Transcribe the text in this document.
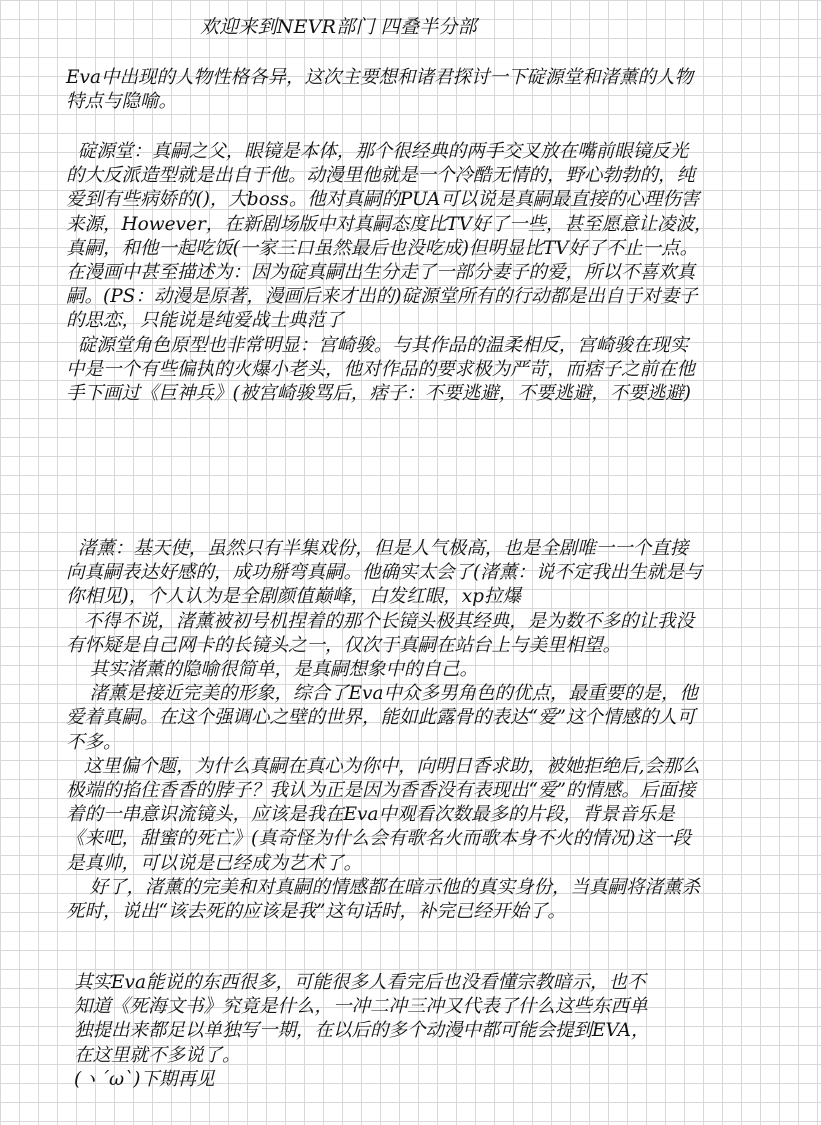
欢迎来到NEVR部门 四叠半分部
Eva中出现的人物性格各异，这次主要想和诸君探讨一下碇源堂和渚薰的人物
特点与隐喻。
碇源堂：真嗣之父，眼镜是本体，那个很经典的两手交叉放在嘴前眼镜反光
的大反派造型就是出自于他。动漫里他就是一个冷酷无情的，野心勃勃的，纯
爱到有些病娇的()，大boss。他对真嗣的PUA可以说是真嗣最直接的心理伤害
来源，However，在新剧场版中对真嗣态度比TV好了一些，甚至愿意让凌波，
真嗣，和他一起吃饭(一家三口虽然最后也没吃成)但明显比TV好了不止一点。
在漫画中甚至描述为：因为碇真嗣出生分走了一部分妻子的爱，所以不喜欢真
嗣。(PS：动漫是原著，漫画后来才出的)碇源堂所有的行动都是出自于对妻子
的思恋，只能说是纯爱战士典范了
碇源堂角色原型也非常明显：宫崎骏。与其作品的温柔相反，宫崎骏在现实
中是一个有些偏执的火爆小老头，他对作品的要求极为严苛，而痞子之前在他
手下画过《巨神兵》(被宫崎骏骂后，痞子：不要逃避，不要逃避，不要逃避)
渚薰：基天使，虽然只有半集戏份，但是人气极高，也是全剧唯一一个直接
向真嗣表达好感的，成功掰弯真嗣。他确实太会了(渚薰：说不定我出生就是与
你相见)，个人认为是全剧颜值巅峰，白发红眼，xp拉爆
不得不说，渚薰被初号机捏着的那个长镜头极其经典，是为数不多的让我没
有怀疑是自己网卡的长镜头之一，仅次于真嗣在站台上与美里相望。
其实渚薰的隐喻很简单，是真嗣想象中的自己。
渚薰是接近完美的形象，综合了Eva中众多男角色的优点，最重要的是，他
爱着真嗣。在这个强调心之壁的世界，能如此露骨的表达“爱”这个情感的人可
不多。
这里偏个题，为什么真嗣在真心为你中，向明日香求助，被她拒绝后,会那么
极端的掐住香香的脖子？我认为正是因为香香没有表现出“爱”的情感。后面接
着的一串意识流镜头，应该是我在Eva中观看次数最多的片段，背景音乐是
《来吧，甜蜜的死亡》(真奇怪为什么会有歌名火而歌本身不火的情况)这一段
是真帅，可以说是已经成为艺术了。
好了，渚薰的完美和对真嗣的情感都在暗示他的真实身份，当真嗣将渚薰杀
死时，说出“该去死的应该是我”这句话时，补完已经开始了。
其实Eva能说的东西很多，可能很多人看完后也没看懂宗教暗示，也不
知道《死海文书》究竟是什么，一冲二冲三冲又代表了什么这些东西单
独提出来都足以单独写一期，在以后的多个动漫中都可能会提到EVA，
在这里就不多说了。
(ヽ´ω`)下期再见
